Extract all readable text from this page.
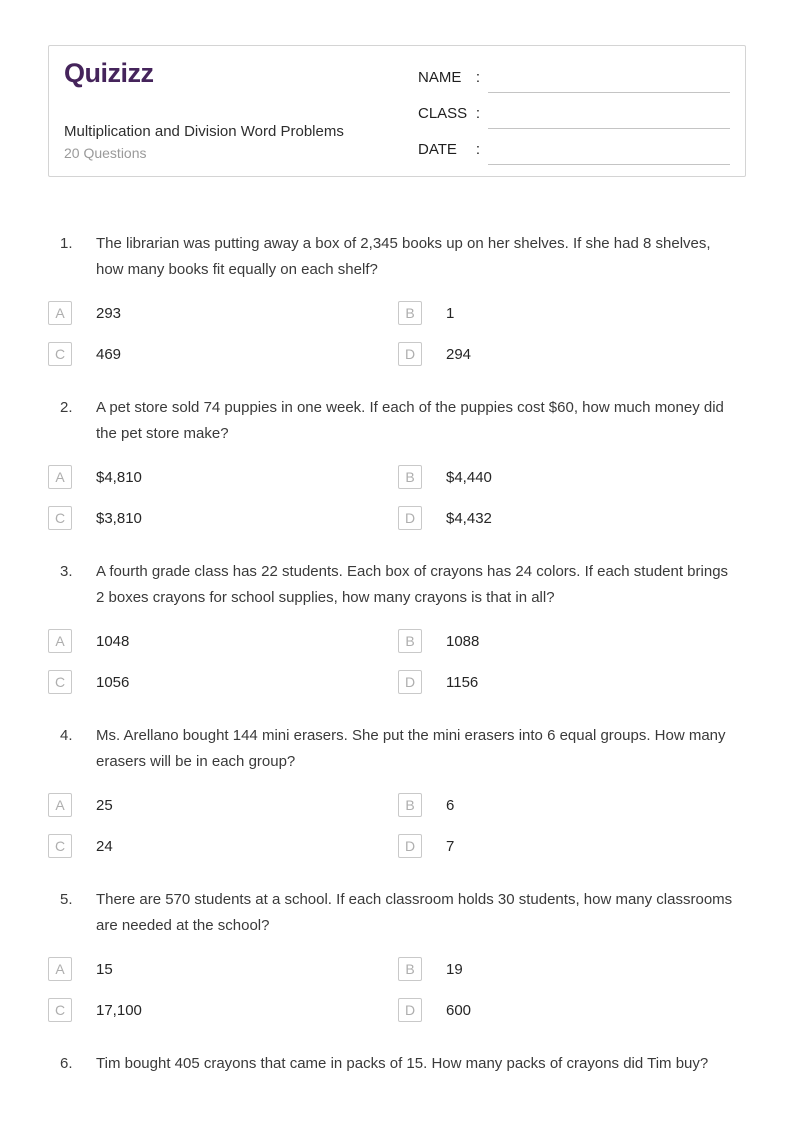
Quizizz
Multiplication and Division Word Problems
20 Questions
NAME :
CLASS :
DATE :
1.	The librarian was putting away a box of 2,345 books up on her shelves. If she had 8 shelves, how many books fit equally on each shelf?

A	293	B	1
C	469	D	294
2.	A pet store sold 74 puppies in one week. If each of the puppies cost $60, how much money did the pet store make?

A	$4,810	B	$4,440
C	$3,810	D	$4,432
3.	A fourth grade class has 22 students. Each box of crayons has 24 colors. If each student brings 2 boxes crayons for school supplies, how many crayons is that in all?

A	1048	B	1088
C	1056	D	1156
4.	Ms. Arellano bought 144 mini erasers. She put the mini erasers into 6 equal groups. How many erasers will be in each group?

A	25	B	6
C	24	D	7
5.	There are 570 students at a school. If each classroom holds 30 students, how many classrooms are needed at the school?

A	15	B	19
C	17,100	D	600
6.	Tim bought 405 crayons that came in packs of 15. How many packs of crayons did Tim buy?
